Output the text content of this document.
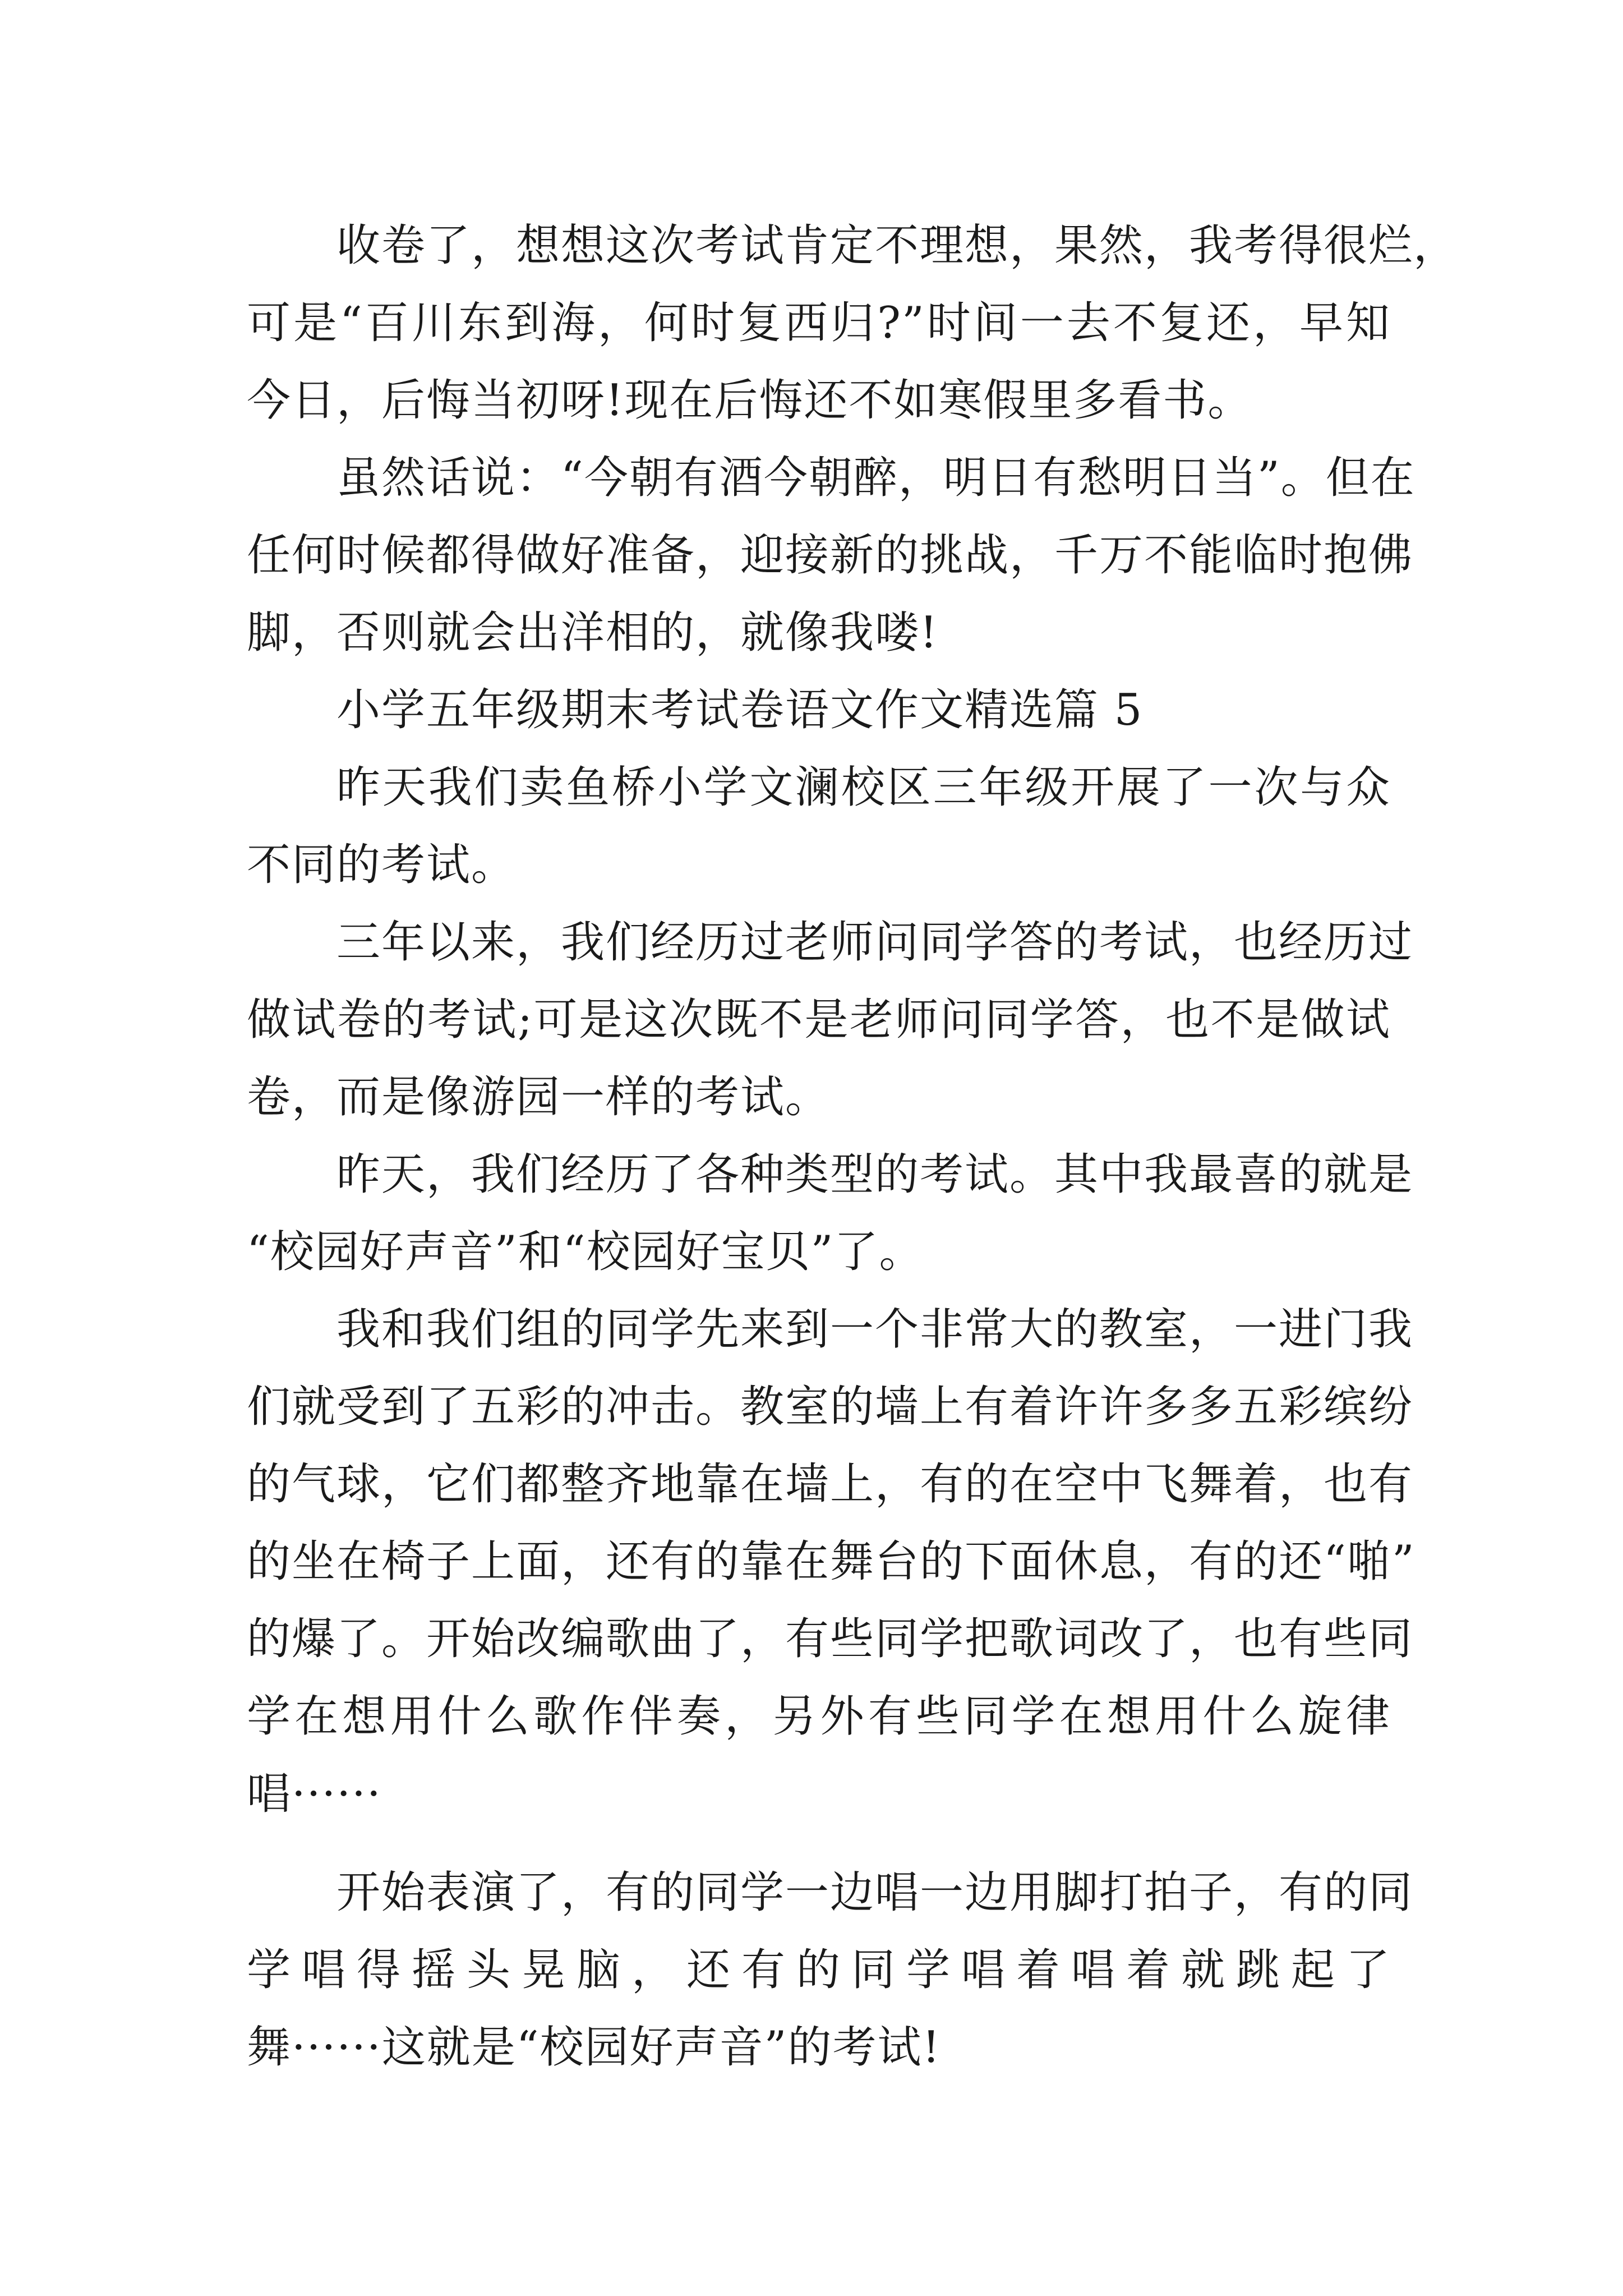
收卷了，想想这次考试肯定不理想，果然，我考得很烂，
可是“百川东到海，何时复西归?”时间一去不复还，早知
今日，后悔当初呀!现在后悔还不如寒假里多看书。
虽然话说：“今朝有酒今朝醉，明日有愁明日当”。但在
任何时候都得做好准备，迎接新的挑战，千万不能临时抱佛
脚，否则就会出洋相的，就像我喽!
小学五年级期末考试卷语文作文精选篇 5
昨天我们卖鱼桥小学文澜校区三年级开展了一次与众
不同的考试。
三年以来，我们经历过老师问同学答的考试，也经历过
做试卷的考试;可是这次既不是老师问同学答，也不是做试
卷，而是像游园一样的考试。
昨天，我们经历了各种类型的考试。其中我最喜的就是
“校园好声音”和“校园好宝贝”了。
我和我们组的同学先来到一个非常大的教室，一进门我
们就受到了五彩的冲击。教室的墙上有着许许多多五彩缤纷
的气球，它们都整齐地靠在墙上，有的在空中飞舞着，也有
的坐在椅子上面，还有的靠在舞台的下面休息，有的还“啪”
的爆了。开始改编歌曲了，有些同学把歌词改了，也有些同
学在想用什么歌作伴奏，另外有些同学在想用什么旋律
唱······
开始表演了，有的同学一边唱一边用脚打拍子，有的同
学唱得摇头晃脑，还有的同学唱着唱着就跳起了
舞······这就是“校园好声音”的考试!
